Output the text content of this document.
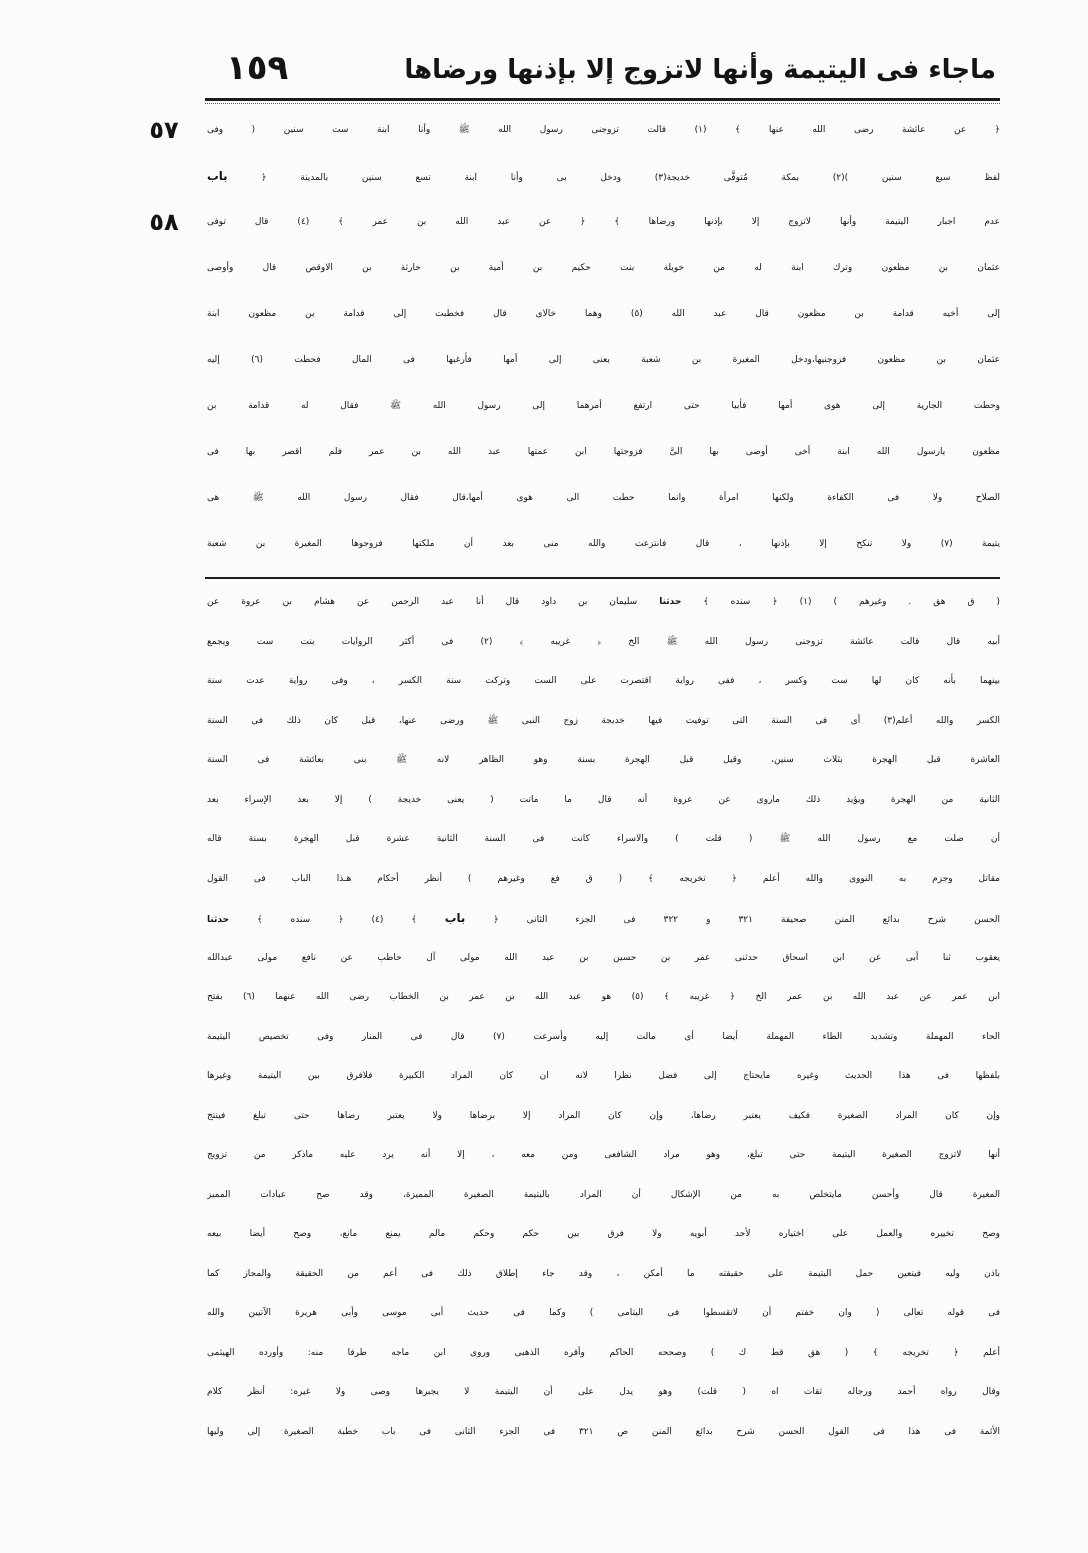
ماجاء فى اليتيمة وأنها لاتزوج إلا بإذنها ورضاها
١٥٩
٥٧
٥٨
﴿ عن عائشة رضى الله عنها ﴾ (١) قالت تزوجنى رسول الله ﷺ وأنا ابنة ست سنين ( وفى
لفظ سبع سنين )(٢) بمكة مُتوفَّى خديجة(٣) ودخل بى وأنا ابنة تسع سنين بالمدينة ﴿ باب
عدم اجبار اليتيمة وأنها لاتزوج إلا بإذنها ورضاها ﴾ ﴿ عن عبد الله بن عمر ﴾ (٤) قال توفى
عثمان بن مظعون وترك ابنة له من خويلة بنت حكيم بن أمية بن حارثة بن الاوقص قال وأوصى
إلى أخيه قدامة بن مظعون قال عبد الله (٥) وهما خالاى قال فخطبت إلى قدامة بن مظعون ابنة
عثمان بن مظعون فزوجنيها،ودخل المغيرة بن شعبة يعنى إلى أمها فأرغبها فى المال فحطت (٦) إليه
وحطت الجارية إلى هوى أمها فأبيا حتى ارتفع أمرهما إلى رسول الله ﷺ فقال له قدامة بن
مظعون يارسول الله ابنة أخى أوصى بها الىَّ فزوجتها ابن عمتها عبد الله بن عمر فلم اقصر بها فى
الصلاح ولا فى الكفاءة ولكنها امرأة وانما حطت الى هوى أمها،قال فقال رسول الله ﷺ هى
يتيمة (٧) ولا تنكح إلا بإذنها ، قال فانتزعت والله منى بعد أن ملكتها فزوجوها المغيرة بن شعبة
( ق هق . وغيرهم ) (١) ﴿ سنده ﴾ حدثنا سليمان بن داود قال أنا عبد الرحمن عن هشام بن عروة عن
أبيه قال قالت عائشة تزوجنى رسول الله ﷺ الخ ﴿ غريبه ﴾ (٢) فى أكثر الروايات بنت ست ويجمع
بينهما بأنه كان لها ست وكسر ، ففى رواية اقتصرت على الست وتركت سنة الكسر ، وفى رواية عدت سنة
الكسر والله أعلم(٣) أى فى السنة التى توفيت فيها خديجة زوج النبى ﷺ ورضى عنها، قيل كان ذلك فى السنة
العاشرة قبل الهجرة بثلاث سنين، وقيل قبل الهجرة بسنة وهو الظاهر لانه ﷺ بنى بعائشة فى السنة
الثانية من الهجرة ويؤيد ذلك ماروى عن عروة أنه قال ما ماتت ( يعنى خديجة ) إلا بعد الإسراء بعد
أن صلت مع رسول الله ﷺ ( قلت ) والاسراء كانت فى السنة الثانية عشرة قبل الهجرة بسنة قاله
مقاتل وجزم به النووى والله أعلم ﴿ تخريجه ﴾ ( ق فع وغيرهم ) أنظر أحكام هـذا الباب فى القول
الحسن شرح بدائع المنن صحيفة ٣٢١ و ٣٢٢ فى الجزء الثانى ﴿ باب ﴾ (٤) ﴿ سنده ﴾ حدثنا
يعقوب ثنا أبى عن ابن اسحاق حدثنى عمر بن حسين بن عبد الله مولى آل حاطب عن نافع مولى عبدالله
ابن عمر عن عبد الله بن عمر الخ ﴿ غريبه ﴾ (٥) هو عبد الله بن عمر بن الخطاب رضى الله عنهما (٦) بفتح
الحاء المهملة وتشديد الطاء المهملة أيضا أى مالت إليه وأسرعت (٧) قال فى المنار وفى تخصيص اليتيمة
بلفظها فى هذا الحديث وغيره مايحتاج إلى فضل نظرا لانه ان كان المراد الكبيرة فلافرق بين اليتيمة وغيرها
وإن كان المراد الصغيرة فكيف يعتبر رضاها، وإن كان المراد إلا برضاها ولا يعتبر رضاها حتى تبلغ فينتج
أنها لاتزوج الصغيرة اليتيمة حتى تبلغ، وهو مراد الشافعى ومن معه ، إلا أنه يرد عليه ماذكر من تزويج
المغيرة قال وأحسن مايتخلص به من الإشكال أن المراد باليتيمة الصغيرة المميزة، وقد صح عبادات المميز
وصح تخييره والعمل على اختياره لأحد أبويه ولا فرق بين حكم وحكم مالم يمنع مانع، وصح أيضا بيعه
باذن وليه فيتعين حمل اليتيمة على حقيقته ما أمكن ، وقد جاء إطلاق ذلك فى أعم من الحقيقة والمجاز كما
فى قوله تعالى ( وان خفتم أن لاتقسطوا فى اليتامى ) وكما فى حديث أبى موسى وأبى هريرة الآتيين والله
أعلم ﴿ تخريجه ﴾ ( هق قط ك ) وصححه الحاكم وأقره الذهبى وروى ابن ماجه طرفا منه: وأورده الهيثمى
وقال رواه أحمد ورجاله ثقات اه ( قلت) وهو يدل على أن اليتيمة لا يجبرها وصى ولا غيره: أنظر كلام
الأئمة فى هذا فى القول الحسن شرح بدائع المنن ص ٣٢١ فى الجزء الثانى فى باب خطبة الصغيرة إلى وليها
